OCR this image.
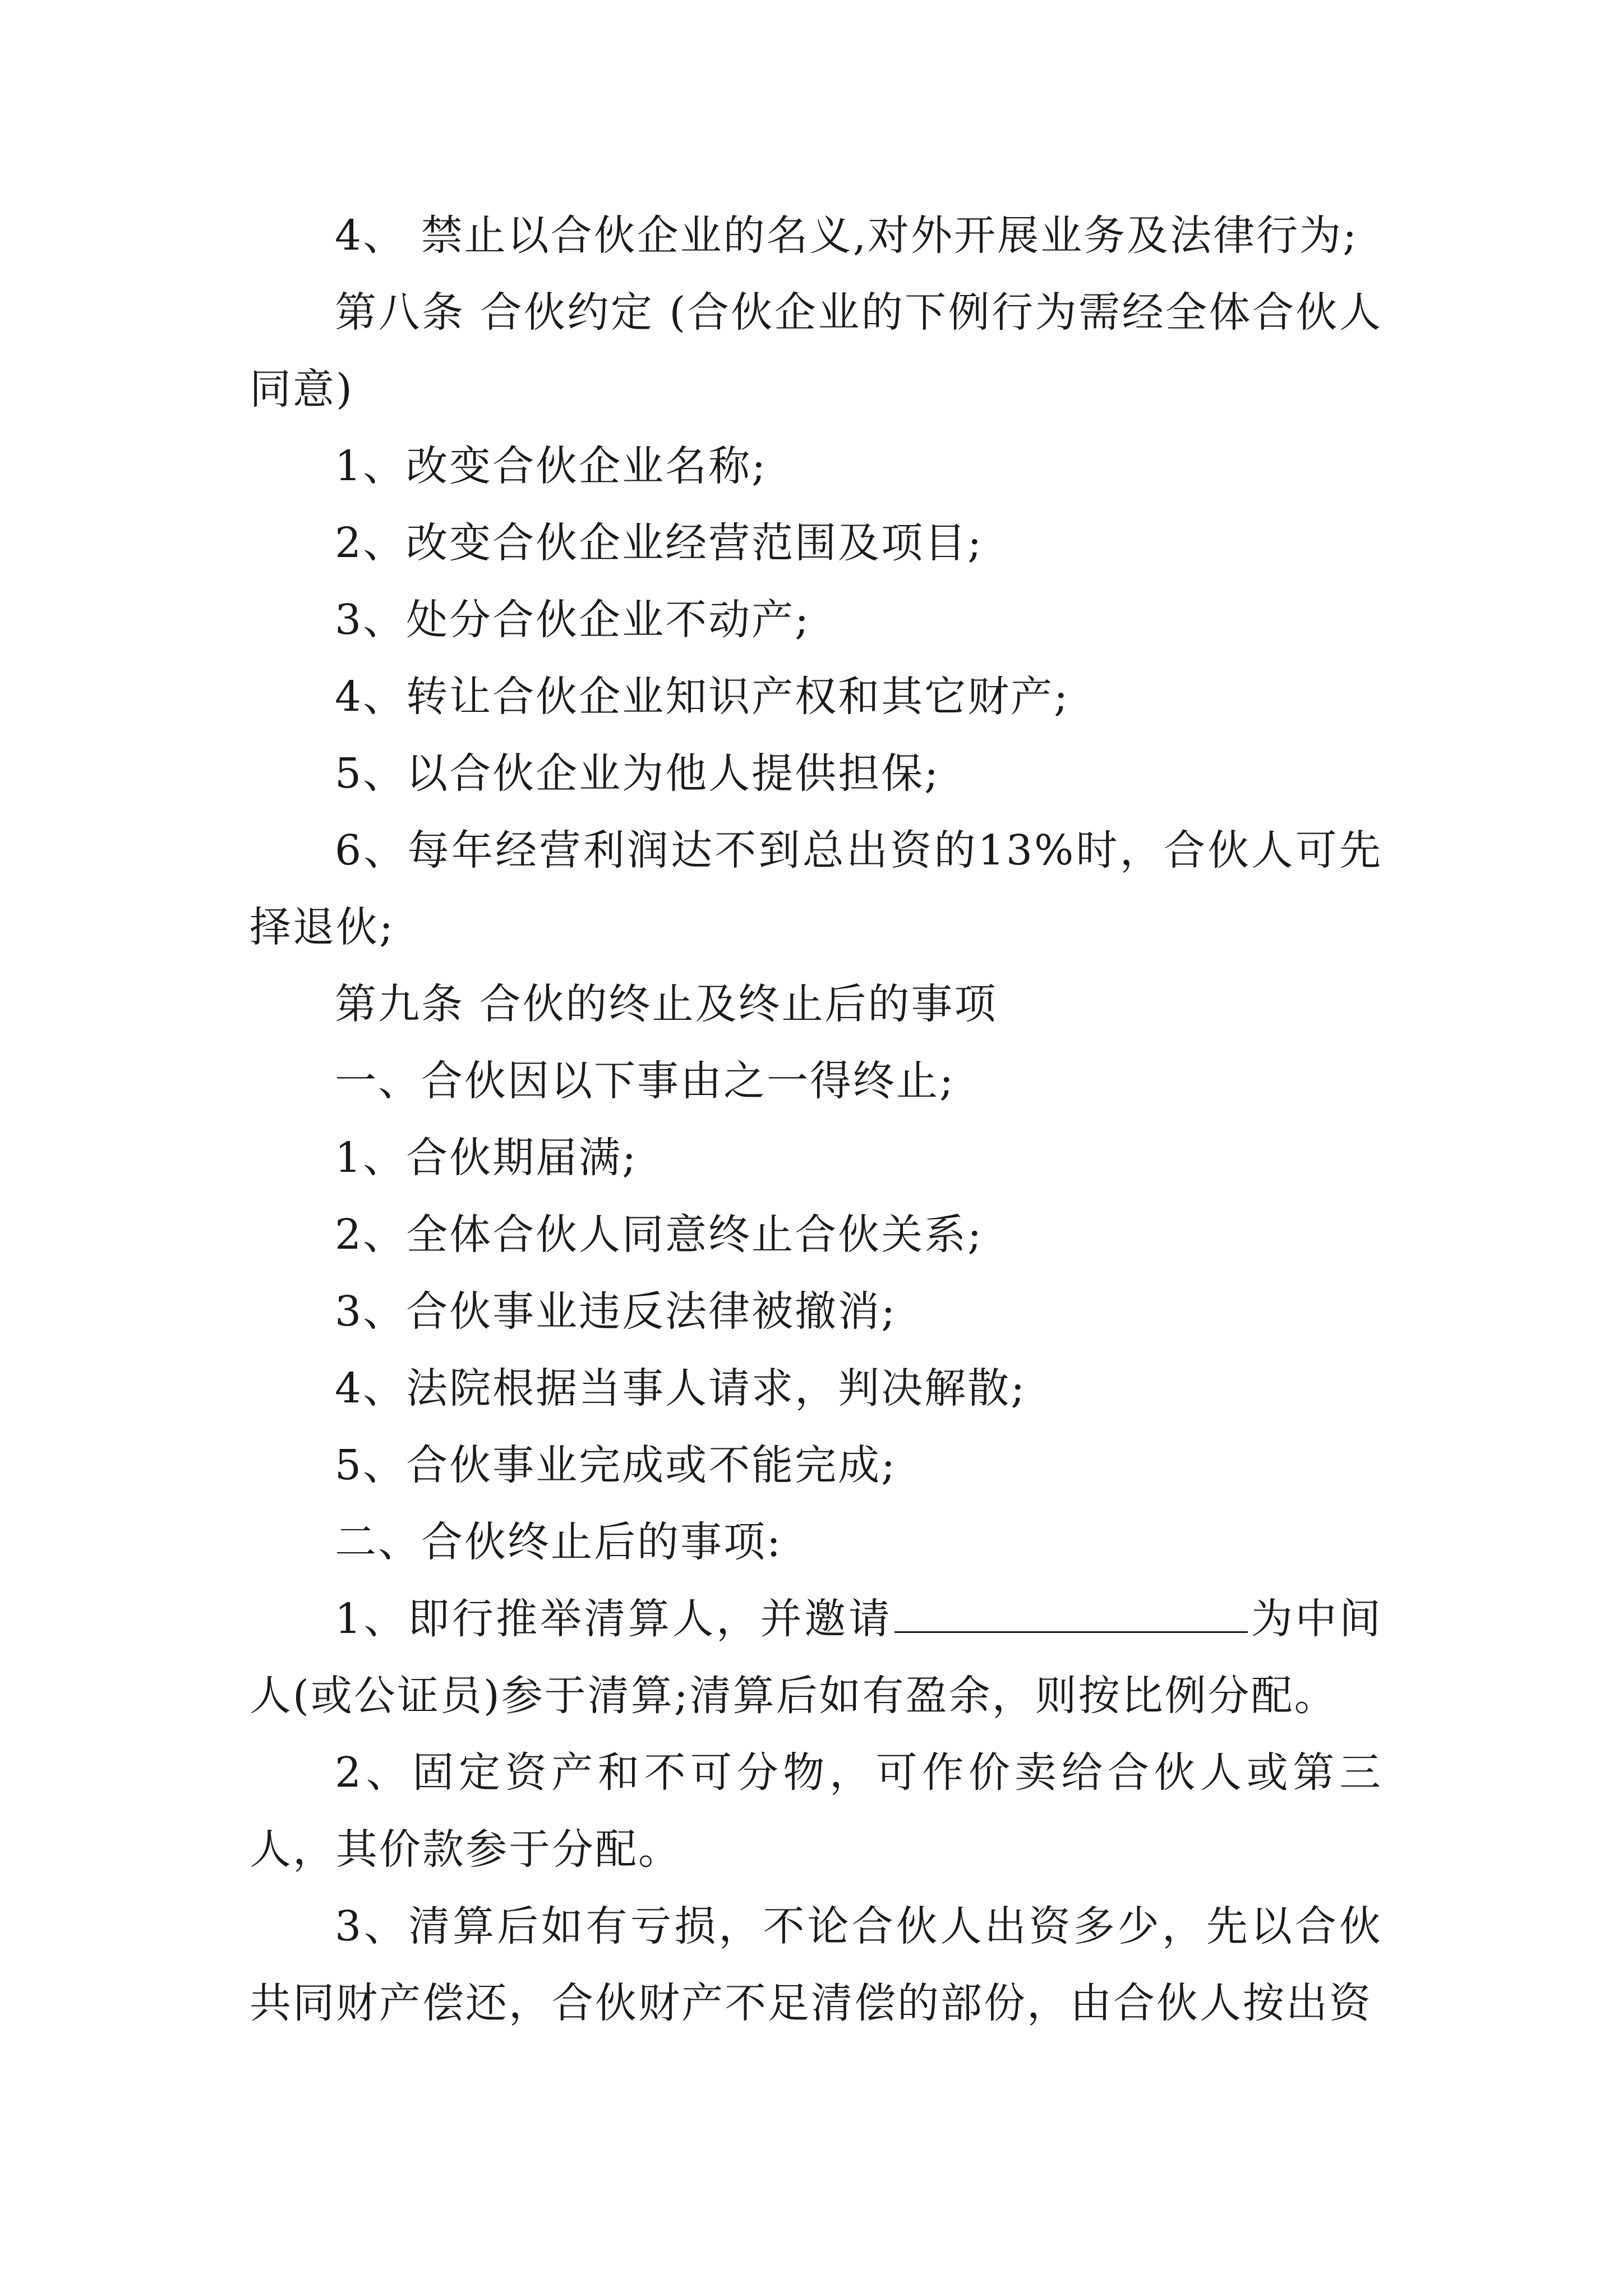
4、 禁止以合伙企业的名义,对外开展业务及法律行为;

第八条 合伙约定 (合伙企业的下例行为需经全体合伙人同意)

1、改变合伙企业名称;

2、改变合伙企业经营范围及项目;

3、处分合伙企业不动产;

4、转让合伙企业知识产权和其它财产;

5、以合伙企业为他人提供担保;

6、每年经营利润达不到总出资的13%时，合伙人可先择退伙;

第九条 合伙的终止及终止后的事项

一、合伙因以下事由之一得终止;

1、合伙期届满;

2、全体合伙人同意终止合伙关系;

3、合伙事业违反法律被撤消;

4、法院根据当事人请求，判决解散;

5、合伙事业完成或不能完成;

二、合伙终止后的事项:

1、即行推举清算人，并邀请	为中间人(或公证员)参于清算;清算后如有盈余，则按比例分配。

2、固定资产和不可分物，可作价卖给合伙人或第三人，其价款参于分配。

3、清算后如有亏损，不论合伙人出资多少，先以合伙共同财产偿还，合伙财产不足清偿的部份，由合伙人按出资
